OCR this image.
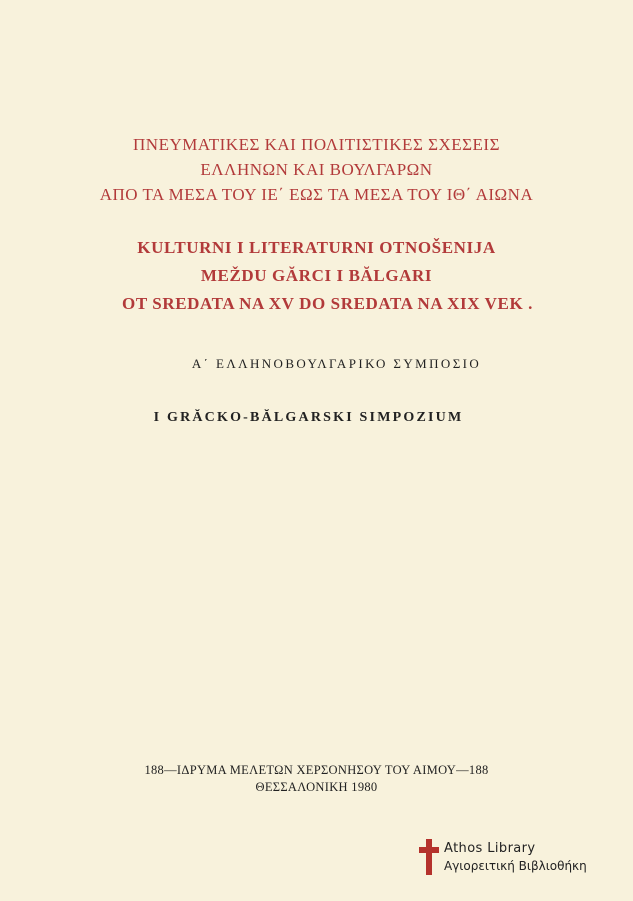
ΠΝΕΥΜΑΤΙΚΕΣ ΚΑΙ ΠΟΛΙΤΙΣΤΙΚΕΣ ΣΧΕΣΕΙΣ
ΕΛΛΗΝΩΝ ΚΑΙ ΒΟΥΛΓΑΡΩΝ
ΑΠΟ ΤΑ ΜΕΣΑ ΤΟΥ ΙΕ΄ ΕΩΣ ΤΑ ΜΕΣΑ ΤΟΥ ΙΘ΄ ΑΙΩΝΑ
KULTURNI I LITERATURNI OTNOŠENIJA
MEŽDU GĂRCI I BĂLGARI
OT SREDATA NA XV DO SREDATA NA XIX VEK .
Α΄ ΕΛΛΗΝΟΒΟΥΛΓΑΡΙΚΟ ΣΥΜΠΟΣΙΟ
I GRĂCKO-BĂLGARSKI SIMPOZIUM
188—ΙΔΡΥΜΑ ΜΕΛΕΤΩΝ ΧΕΡΣΟΝΗΣΟΥ ΤΟΥ ΑΙΜΟΥ—188
ΘΕΣΣΑΛΟΝΙΚΗ 1980
Athos Library
Αγιορειτική Βιβλιοθήκη
